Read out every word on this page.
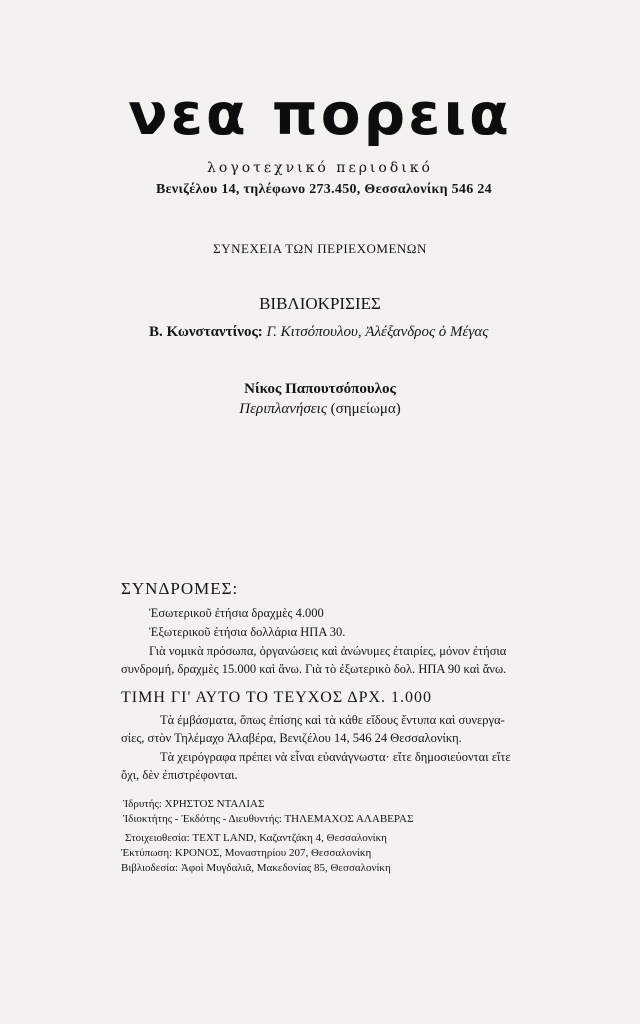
νεα πορεια
λογοτεχνικό περιοδικό
Βενιζέλου 14, τηλέφωνο 273.450, Θεσσαλονίκη 546 24
ΣΥΝΕΧΕΙΑ ΤΩΝ ΠΕΡΙΕΧΟΜΕΝΩΝ
ΒΙΒΛΙΟΚΡΙΣΙΕΣ
Β. Κωνσταντίνος: Γ. Κιτσόπουλου, Ἀλέξανδρος ὁ Μέγας
Νίκος Παπουτσόπουλος
Περιπλανήσεις (σημείωμα)
ΣΥΝΔΡΟΜΕΣ:
Ἐσωτερικοῦ ἐτήσια δραχμὲς 4.000
Ἐξωτερικοῦ ἐτήσια δολλάρια ΗΠΑ 30.
Γιὰ νομικὰ πρόσωπα, ὀργανώσεις καὶ ἀνώνυμες ἐταιρίες, μόνον ἐτήσια
συνδρομή, δραχμὲς 15.000 καὶ ἄνω. Γιὰ τὸ ἐξωτερικὸ δολ. ΗΠΑ 90 καὶ ἄνω.
ΤΙΜΗ ΓΙ' ΑΥΤΟ ΤΟ ΤΕΥΧΟΣ ΔΡΧ. 1.000
Τὰ ἐμβάσματα, ὅπως ἐπίσης καὶ τὰ κάθε εἴδους ἔντυπα καὶ συνεργα-
σίες, στὸν Τηλέμαχο Ἀλαβέρα, Βενιζέλου 14, 546 24 Θεσσαλονίκη.
Τὰ χειρόγραφα πρέπει νὰ εἶναι εὐανάγνωστα· εἴτε δημοσιεύονται εἴτε
ὄχι, δὲν ἐπιστρέφονται.
Ἱδρυτής: ΧΡΗΣΤΟΣ ΝΤΑΛΙΑΣ
Ἰδιοκτήτης - Ἐκδότης - Διευθυντής: ΤΗΛΕΜΑΧΟΣ ΑΛΑΒΕΡΑΣ
Στοιχειοθεσία: TEXT LAND, Καζαντζάκη 4, Θεσσαλονίκη
Ἐκτύπωση: ΚΡΟΝΟΣ, Μοναστηρίου 207, Θεσσαλονίκη
Βιβλιοδεσία: Ἀφοὶ Μυγδαλιᾶ, Μακεδονίας 85, Θεσσαλονίκη
